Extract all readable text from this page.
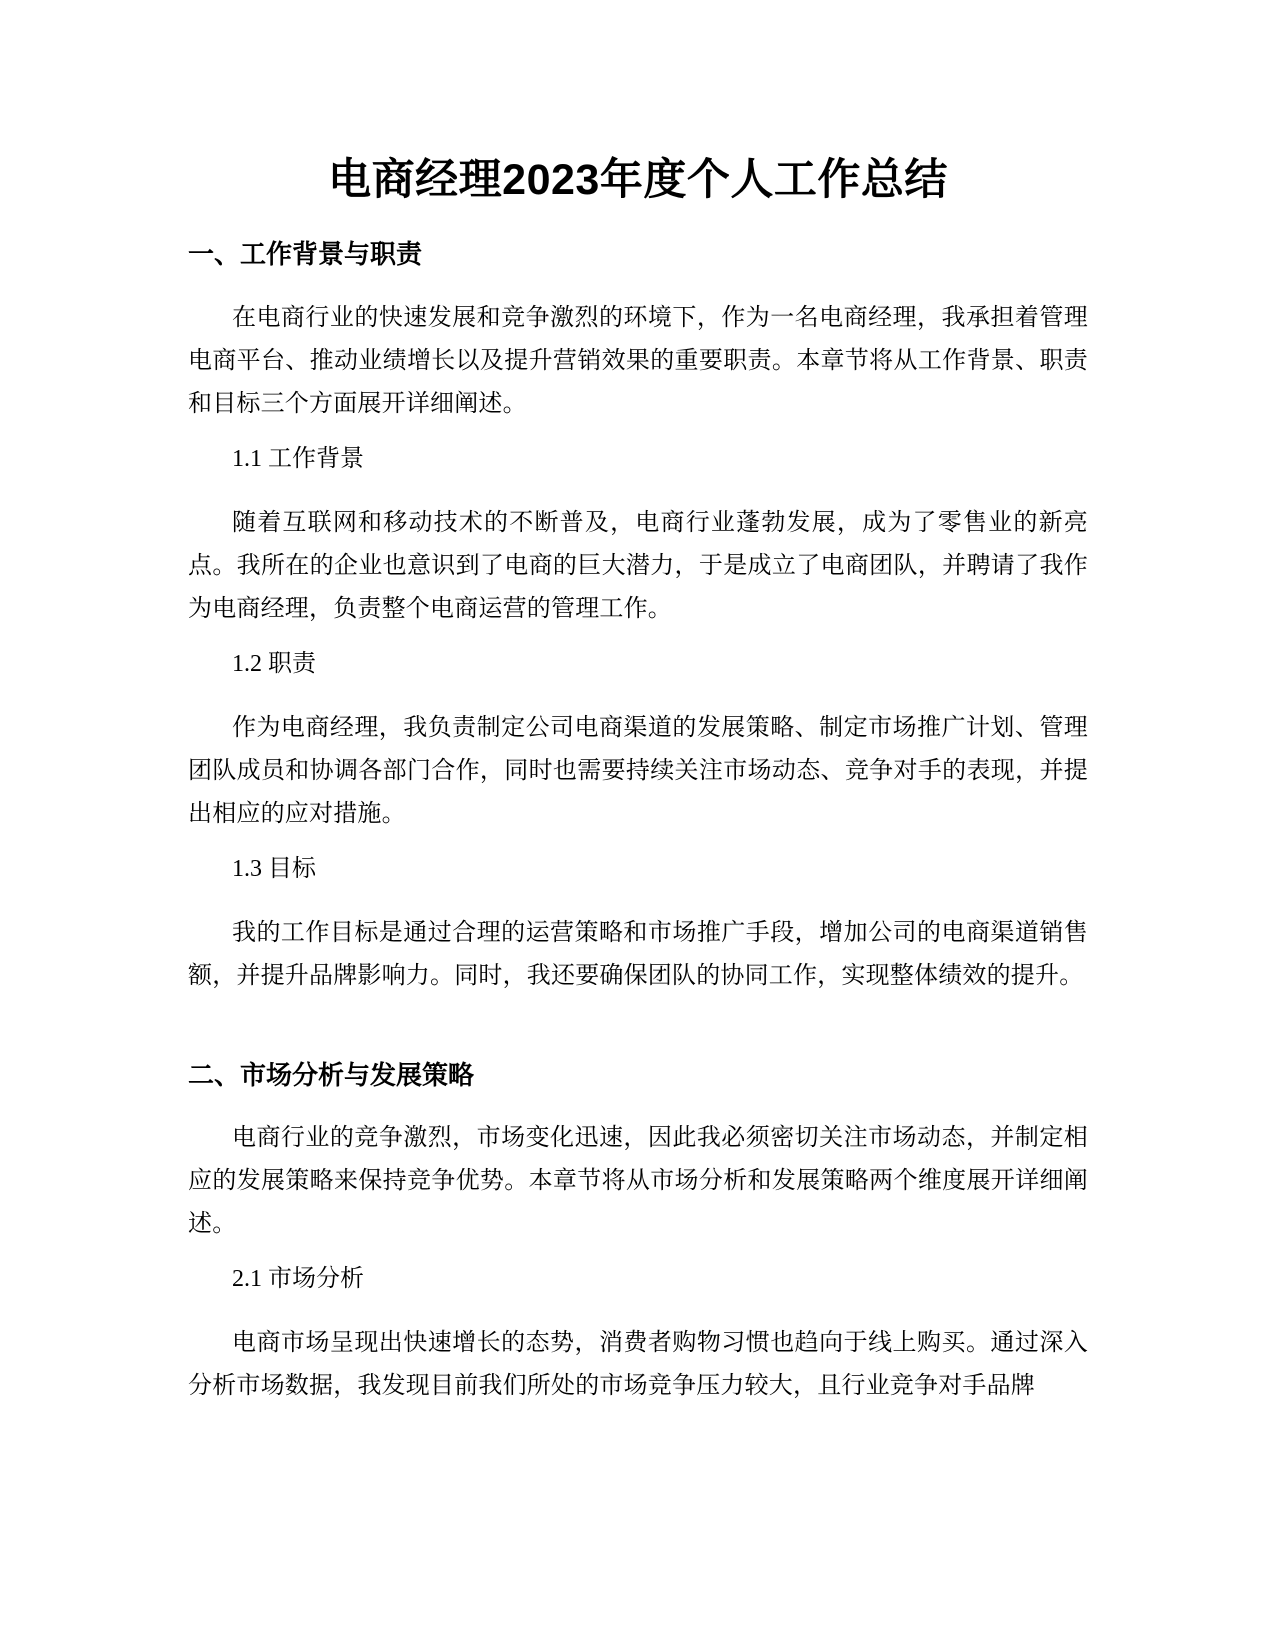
电商经理2023年度个人工作总结
一、工作背景与职责

在电商行业的快速发展和竞争激烈的环境下，作为一名电商经理，我承担着管理电商平台、推动业绩增长以及提升营销效果的重要职责。本章节将从工作背景、职责和目标三个方面展开详细阐述。

1.1 工作背景

随着互联网和移动技术的不断普及，电商行业蓬勃发展，成为了零售业的新亮点。我所在的企业也意识到了电商的巨大潜力，于是成立了电商团队，并聘请了我作为电商经理，负责整个电商运营的管理工作。

1.2 职责

作为电商经理，我负责制定公司电商渠道的发展策略、制定市场推广计划、管理团队成员和协调各部门合作，同时也需要持续关注市场动态、竞争对手的表现，并提出相应的应对措施。

1.3 目标

我的工作目标是通过合理的运营策略和市场推广手段，增加公司的电商渠道销售额，并提升品牌影响力。同时，我还要确保团队的协同工作，实现整体绩效的提升。

二、市场分析与发展策略

电商行业的竞争激烈，市场变化迅速，因此我必须密切关注市场动态，并制定相应的发展策略来保持竞争优势。本章节将从市场分析和发展策略两个维度展开详细阐述。

2.1 市场分析

电商市场呈现出快速增长的态势，消费者购物习惯也趋向于线上购买。通过深入分析市场数据，我发现目前我们所处的市场竞争压力较大，且行业竞争对手品牌
